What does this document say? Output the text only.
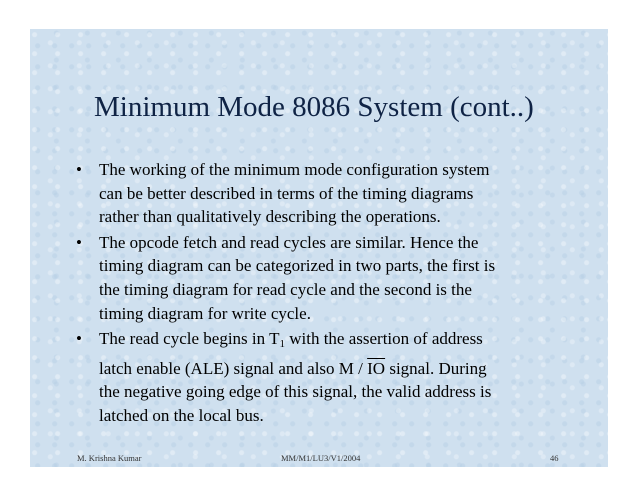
Minimum Mode 8086 System (cont..)
• The working of the minimum mode configuration system
can be better described in terms of the timing diagrams
rather than qualitatively describing the operations.
• The opcode fetch and read cycles are similar. Hence the
timing diagram can be categorized in two parts, the first is
the timing diagram for read cycle and the second is the
timing diagram for write cycle.
• The read cycle begins in $T_1$ with the assertion of address
latch enable (ALE) signal and also M / $\overline{IO}$ signal. During
the negative going edge of this signal, the valid address is
latched on the local bus.
M. Krishna Kumar	MM/M1/LU3/V1/2004	46
